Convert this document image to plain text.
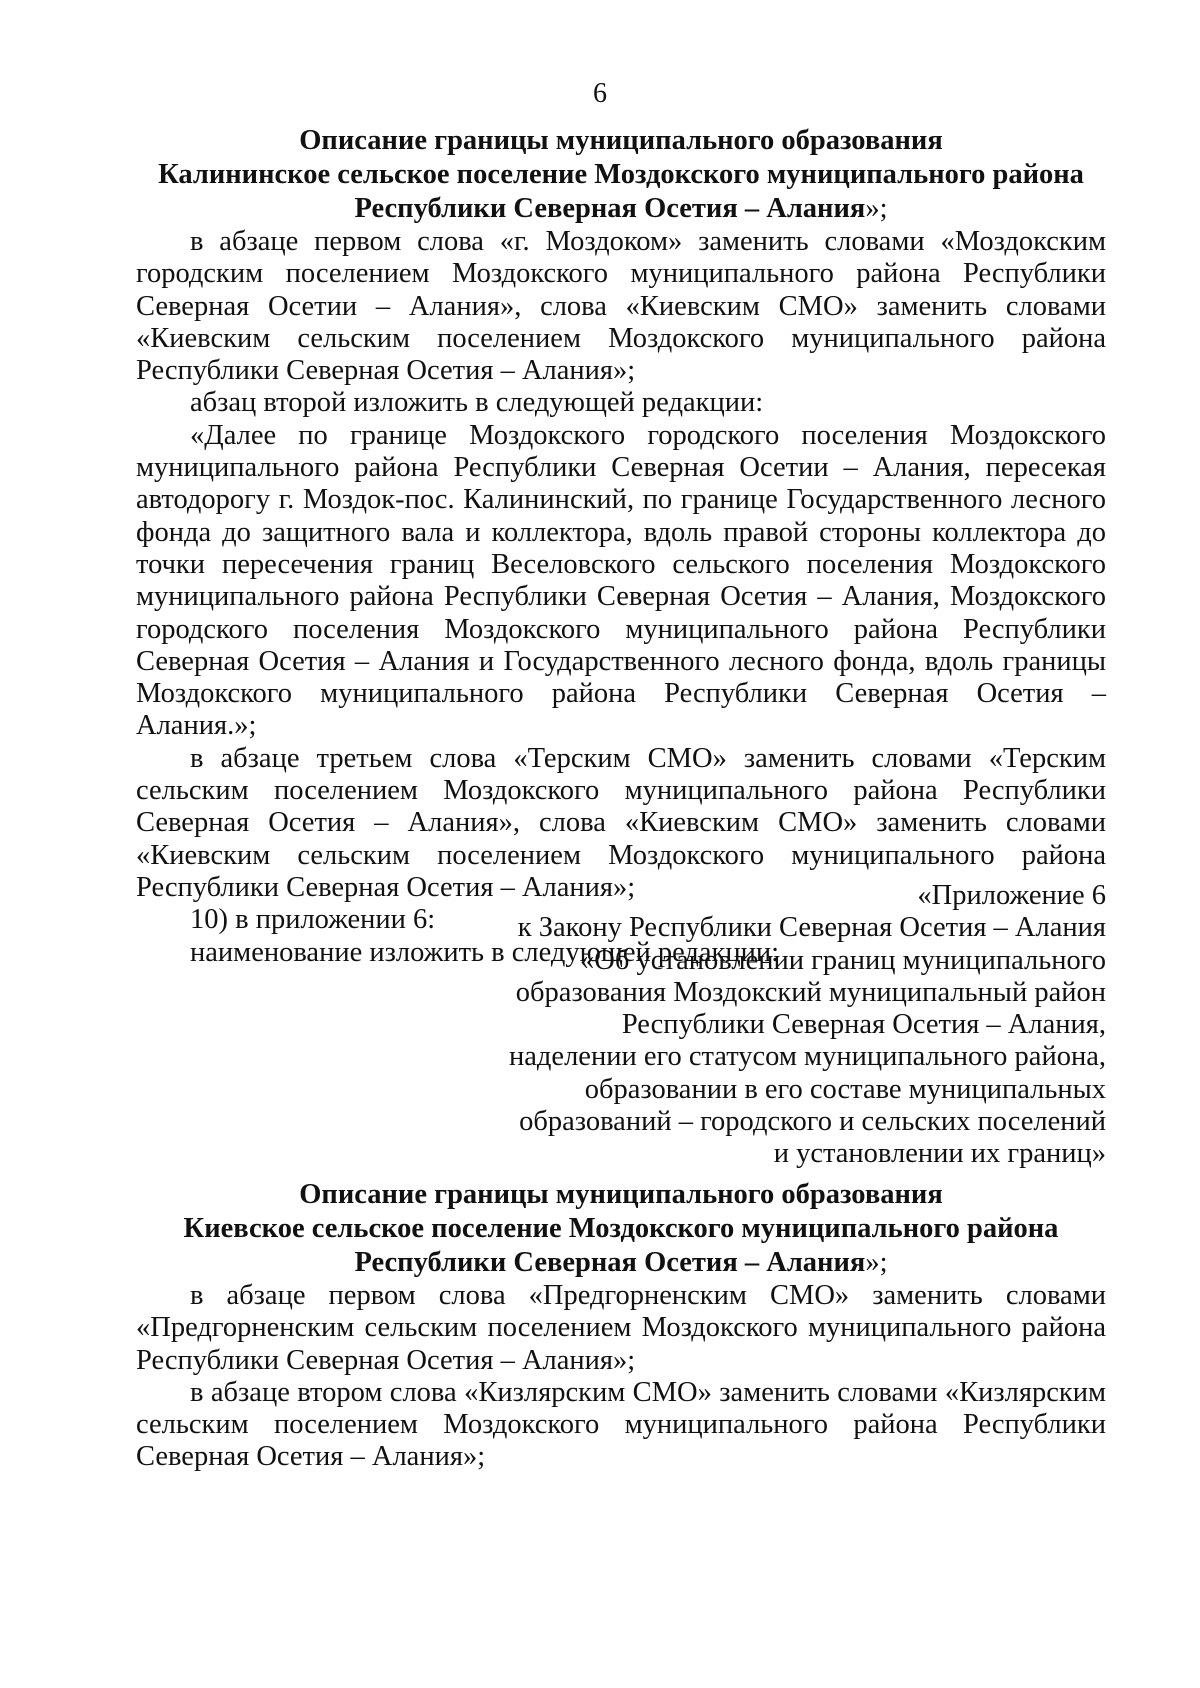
6
Описание границы муниципального образования
Калининское сельское поселение Моздокского муниципального района
Республики Северная Осетия – Алания»;

в абзаце первом слова «г. Моздоком» заменить словами «Моздокским городским поселением Моздокского муниципального района Республики Северная Осетии – Алания», слова «Киевским СМО» заменить словами «Киевским сельским поселением Моздокского муниципального района Республики Северная Осетия – Алания»;

абзац второй изложить в следующей редакции:

«Далее по границе Моздокского городского поселения Моздокского муниципального района Республики Северная Осетии – Алания, пересекая автодорогу г. Моздок-пос. Калининский, по границе Государственного лесного фонда до защитного вала и коллектора, вдоль правой стороны коллектора до точки пересечения границ Веселовского сельского поселения Моздокского муниципального района Республики Северная Осетия – Алания, Моздокского городского поселения Моздокского муниципального района Республики Северная Осетия – Алания и Государственного лесного фонда, вдоль границы Моздокского муниципального района Республики Северная Осетия – Алания.»;

в абзаце третьем слова «Терским СМО» заменить словами «Терским сельским поселением Моздокского муниципального района Республики Северная Осетия – Алания», слова «Киевским СМО» заменить словами «Киевским сельским поселением Моздокского муниципального района Республики Северная Осетия – Алания»;

10) в приложении 6:

наименование изложить в следующей редакции:

«Приложение 6
к Закону Республики Северная Осетия – Алания
«Об установлении границ муниципального
образования Моздокский муниципальный район
Республики Северная Осетия – Алания,
наделении его статусом муниципального района,
образовании в его составе муниципальных
образований – городского и сельских поселений
и установлении их границ»
Описание границы муниципального образования
Киевское сельское поселение Моздокского муниципального района
Республики Северная Осетия – Алания»;

в абзаце первом слова «Предгорненским СМО» заменить словами «Предгорненским сельским поселением Моздокского муниципального района Республики Северная Осетия – Алания»;

в абзаце втором слова «Кизлярским СМО» заменить словами «Кизлярским сельским поселением Моздокского муниципального района Республики Северная Осетия – Алания»;
